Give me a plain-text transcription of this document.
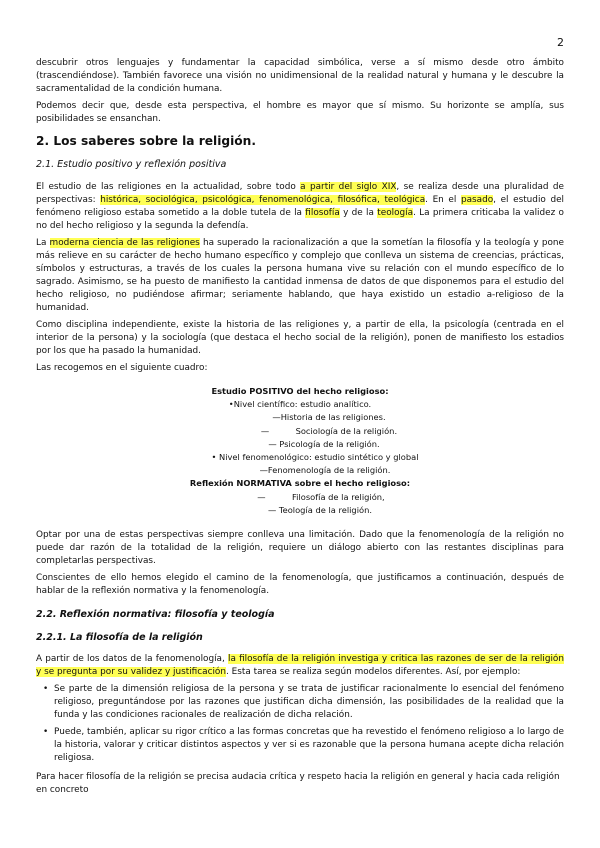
2

descubrir otros lenguajes y fundamentar la capacidad simbólica, verse a sí mismo desde otro ámbito (trascendiéndose). También favorece una visión no unidimensional de la realidad natural y humana y le descubre la sacramentalidad de la condición humana.

Podemos decir que, desde esta perspectiva, el hombre es mayor que sí mismo. Su horizonte se amplía, sus posibilidades se ensanchan.

2. Los saberes sobre la religión.
2.1. Estudio positivo y reflexión positiva

El estudio de las religiones en la actualidad, sobre todo a partir del siglo XIX, se realiza desde una pluralidad de perspectivas: histórica, sociológica, psicológica, fenomenológica, filosófica, teológica. En el pasado, el estudio del fenómeno religioso estaba sometido a la doble tutela de la filosofía y de la teología. La primera criticaba la validez o no del hecho religioso y la segunda la defendía.

La moderna ciencia de las religiones ha superado la racionalización a que la sometían la filosofía y la teología y pone más relieve en su carácter de hecho humano específico y complejo que conlleva un sistema de creencias, prácticas, símbolos y estructuras, a través de los cuales la persona humana vive su relación con el mundo específico de lo sagrado. Asimismo, se ha puesto de manifiesto la cantidad inmensa de datos de que disponemos para el estudio del hecho religioso, no pudiéndose afirmar; seriamente hablando, que haya existido un estadio a-religioso de la humanidad.

Como disciplina independiente, existe la historia de las religiones y, a partir de ella, la psicología (centrada en el interior de la persona) y la sociología (que destaca el hecho social de la religión), ponen de manifiesto los estadios por los que ha pasado la humanidad.

Las recogemos en el siguiente cuadro:

Estudio POSITIVO del hecho religioso:
•Nivel científico: estudio analítico.
—Historia de las religiones.
—          Sociología de la religión.
— Psicología de la religión.
• Nivel fenomenológico: estudio sintético y global
—Fenomenología de la religión.
Reflexión NORMATIVA sobre el hecho religioso:
—          Filosofía de la religión,
— Teología de la religión.

Optar por una de estas perspectivas siempre conlleva una limitación. Dado que la fenomenología de la religión no puede dar razón de la totalidad de la religión, requiere un diálogo abierto con las restantes disciplinas para completarlas perspectivas.

Conscientes de ello hemos elegido el camino de la fenomenología, que justificamos a continuación, después de hablar de la reflexión normativa y la fenomenología.

2.2. Reflexión normativa: filosofía y teología
2.2.1. La filosofía de la religión

A partir de los datos de la fenomenología, la filosofía de la religión investiga y critica las razones de ser de la religión y se pregunta por su validez y justificación. Esta tarea se realiza según modelos diferentes. Así, por ejemplo:

• Se parte de la dimensión religiosa de la persona y se trata de justificar racionalmente lo esencial del fenómeno religioso, preguntándose por las razones que justifican dicha dimensión, las posibilidades de la realidad que la funda y las condiciones racionales de realización de dicha relación.
• Puede, también, aplicar su rigor crítico a las formas concretas que ha revestido el fenómeno religioso a lo largo de la historia, valorar y criticar distintos aspectos y ver si es razonable que la persona humana acepte dicha relación religiosa.

Para hacer filosofía de la religión se precisa audacia crítica y respeto hacia la religión en general y hacia cada religión en concreto
